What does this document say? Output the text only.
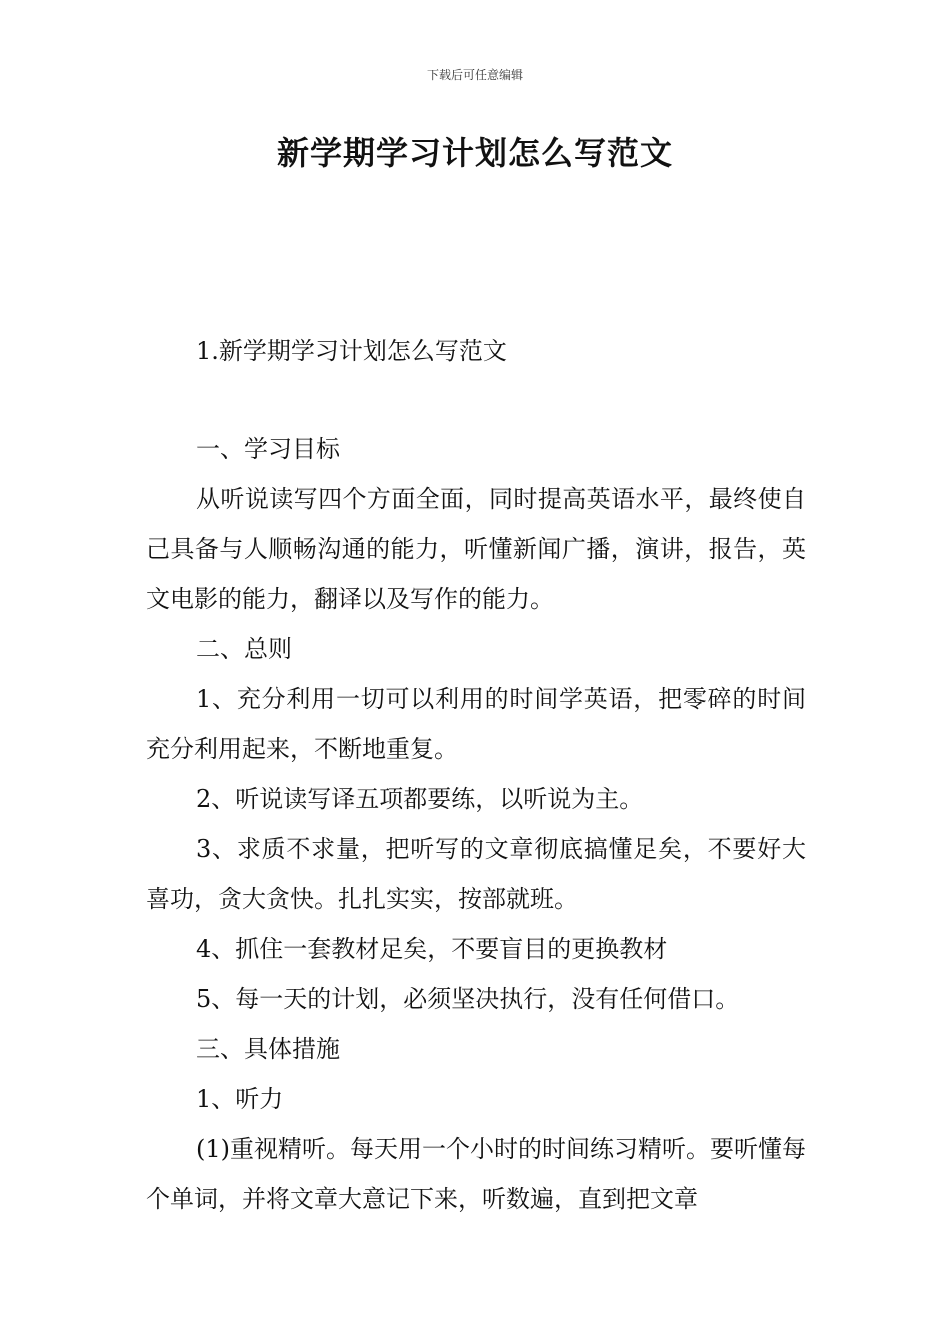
下载后可任意编辑
新学期学习计划怎么写范文

1.新学期学习计划怎么写范文

一、学习目标

从听说读写四个方面全面，同时提高英语水平，最终使自己具备与人顺畅沟通的能力，听懂新闻广播，演讲，报告，英文电影的能力，翻译以及写作的能力。

二、总则

1、充分利用一切可以利用的时间学英语，把零碎的时间充分利用起来，不断地重复。

2、听说读写译五项都要练，以听说为主。

3、求质不求量，把听写的文章彻底搞懂足矣，不要好大喜功，贪大贪快。扎扎实实，按部就班。

4、抓住一套教材足矣，不要盲目的更换教材

5、每一天的计划，必须坚决执行，没有任何借口。

三、具体措施

1、听力

(1)重视精听。每天用一个小时的时间练习精听。要听懂每个单词，并将文章大意记下来，听数遍，直到把文章
